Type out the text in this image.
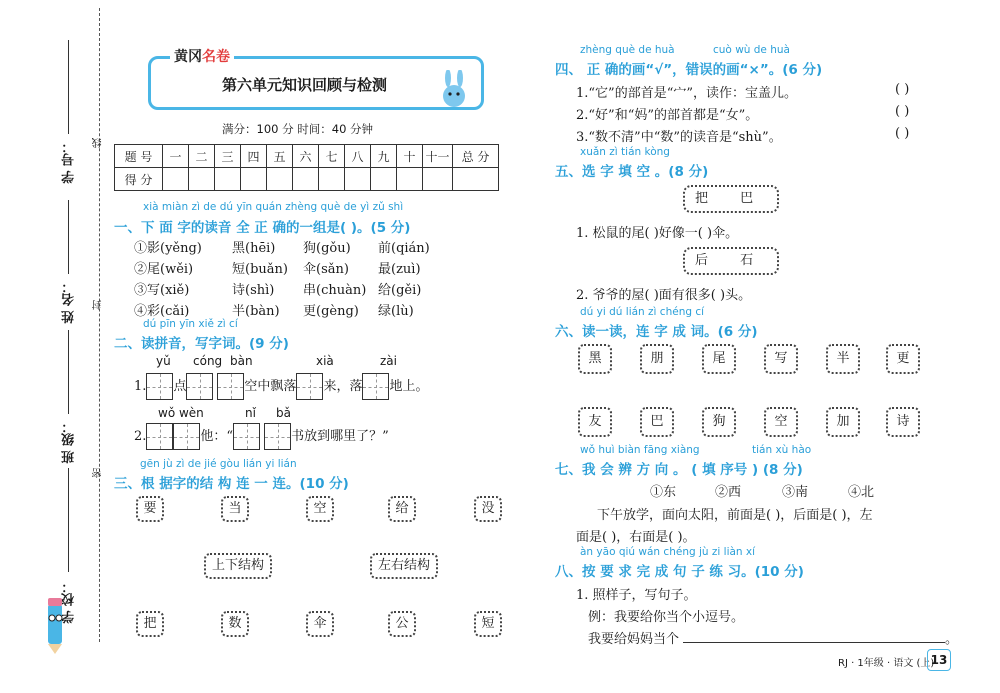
学 校：
班 级：
姓 名：
学 号：
密
封
线
黄冈名卷
第六单元知识回顾与检测
满分：100 分 时间：40 分钟
题 号	一	二	三	四	五	六	七	八	九	十	十一	总 分
得 分												
xià miàn zì de dú yīn quán zhèng què de yì zǔ shì
一、下 面 字的读音 全 正 确的一组是( )。(5 分)
①影(yěng) 黑(hēi) 狗(gǒu) 前(qián)
②尾(wěi)	短(buǎn) 伞(sǎn) 最(zuì)
③写(xiě)	诗(shì) 串(chuàn) 给(gěi)
④彩(cǎi)	半(bàn) 更(gèng) 绿(lù)
dú pīn yīn xiě zì cí
二、读拼音，写字词。(9 分)
yǔ cóng bàn	xià	zài
1. 点	空中飘落 来，落 地上。
wǒ wèn	nǐ bǎ
2.	他：“	书放到哪里了？”
gēn jù zì de jié gòu lián yi lián
三、根 据字的结 构 连 一 连。(10 分)
要	当	空	给	没
上下结构	左右结构
把	数	伞	公	短
zhèng què de huà	cuò wù de huà
四、 正 确的画“√”，错误的画“×”。(6 分)
1.“它”的部首是“宀”，读作：宝盖儿。	( )
2.“好”和“妈”的部首都是“女”。	( )
3.“数不清”中“数”的读音是“shù”。	( )
xuǎn zì tián kòng
五、选 字 填 空 。(8 分)
把 巴
1. 松鼠的尾( )好像一( )伞。
后 石
2. 爷爷的屋( )面有很多( )头。
dú yi dú lián zì chéng cí
六、读一读，连 字 成 词。(6 分)
黑	朋	尾	写	半	更
友	巴	狗	空	加	诗
wǒ huì biàn fāng xiàng	tián xù hào
七、我 会 辨 方 向 。 ( 填 序号 ) (8 分)
①东	②西	③南	④北
下午放学，面向太阳，前面是( )，后面是( )，左
面是( )，右面是( )。
àn yāo qiú wán chéng jù zi liàn xí
八、按 要 求 完 成 句 子 练 习。(10 分)
1. 照样子，写句子。
例：我要给你当个小逗号。
我要给妈妈当个	。
RJ · 1年级 · 语文 (上)
13
